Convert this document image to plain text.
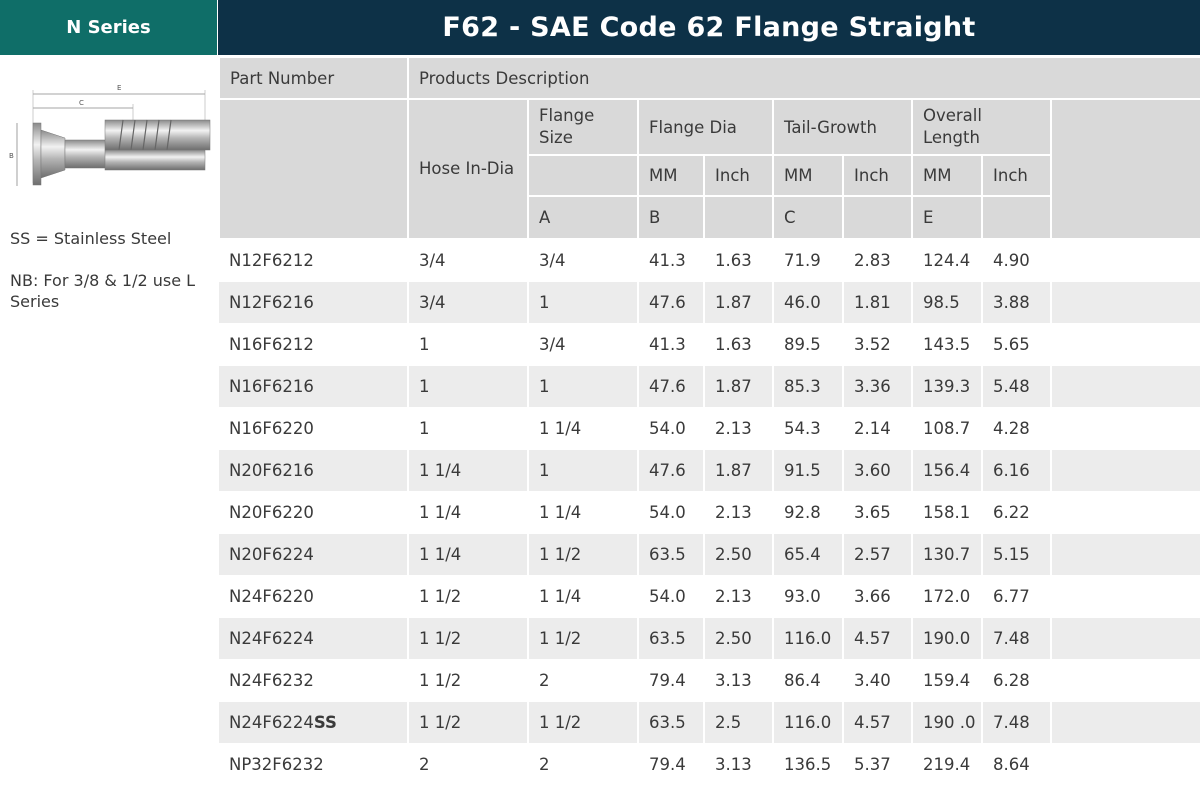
N Series	F62 - SAE Code 62 Flange Straight
E
C
B
SS = Stainless Steel
NB: For 3/8 & 1/2 use L Series
Part Number	Products Description								
	Hose In-Dia	Flange Size	Flange Dia		Tail-Growth		Overall Length		
			MM	Inch	MM	Inch	MM	Inch	
		A	B		C		E		
N12F6212	3/4	3/4	41.3	1.63	71.9	2.83	124.4	4.90	
N12F6216	3/4	1	47.6	1.87	46.0	1.81	98.5	3.88	
N16F6212	1	3/4	41.3	1.63	89.5	3.52	143.5	5.65	
N16F6216	1	1	47.6	1.87	85.3	3.36	139.3	5.48	
N16F6220	1	1 1/4	54.0	2.13	54.3	2.14	108.7	4.28	
N20F6216	1 1/4	1	47.6	1.87	91.5	3.60	156.4	6.16	
N20F6220	1 1/4	1 1/4	54.0	2.13	92.8	3.65	158.1	6.22	
N20F6224	1 1/4	1 1/2	63.5	2.50	65.4	2.57	130.7	5.15	
N24F6220	1 1/2	1 1/4	54.0	2.13	93.0	3.66	172.0	6.77	
N24F6224	1 1/2	1 1/2	63.5	2.50	116.0	4.57	190.0	7.48	
N24F6232	1 1/2	2	79.4	3.13	86.4	3.40	159.4	6.28	
N24F6224SS	1 1/2	1 1/2	63.5	2.5	116.0	4.57	190 .0	7.48	
NP32F6232	2	2	79.4	3.13	136.5	5.37	219.4	8.64	
